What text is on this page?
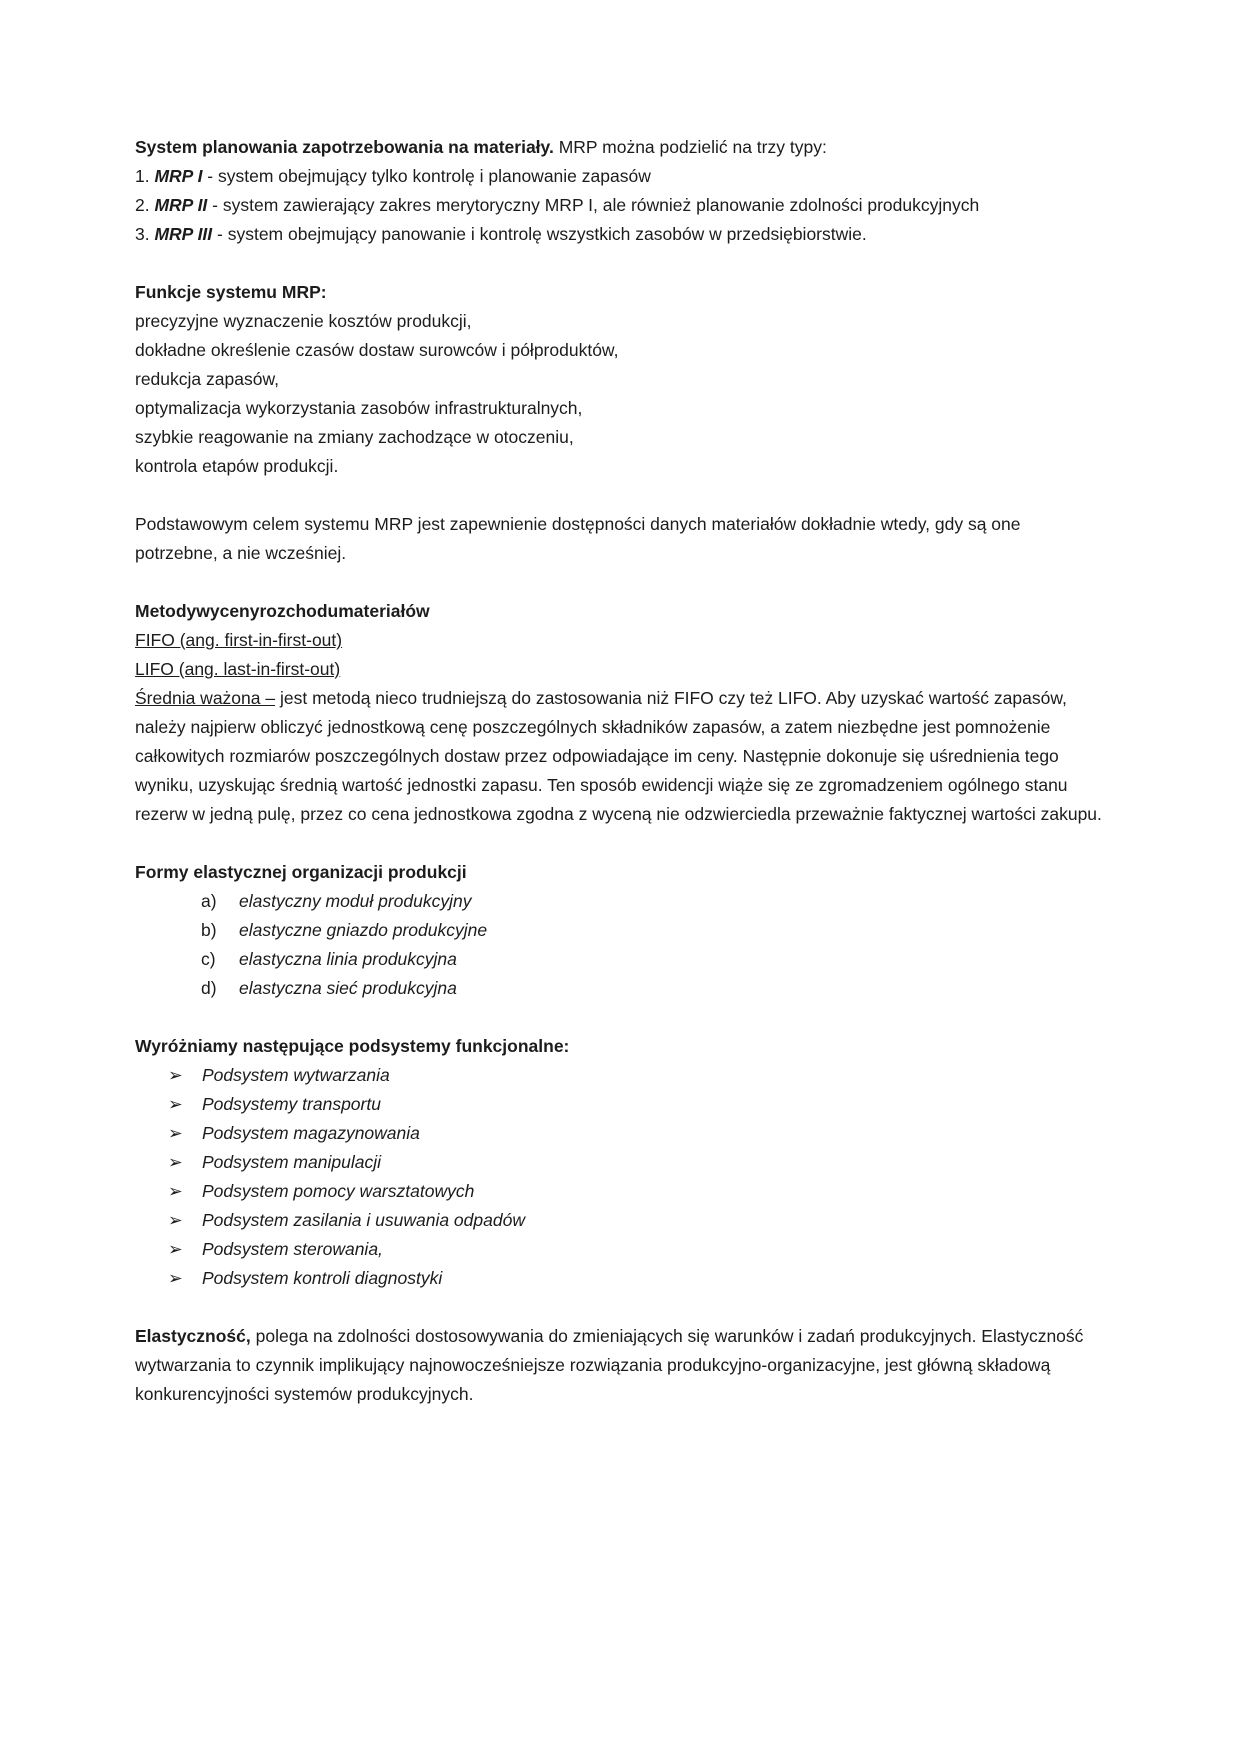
System planowania zapotrzebowania na materiały. MRP można podzielić na trzy typy:

1. MRP I - system obejmujący tylko kontrolę i planowanie zapasów

2. MRP II - system zawierający zakres merytoryczny MRP I, ale również planowanie zdolności produkcyjnych

3. MRP III - system obejmujący panowanie i kontrolę wszystkich zasobów w przedsiębiorstwie.

Funkcje systemu MRP:

precyzyjne wyznaczenie kosztów produkcji,

dokładne określenie czasów dostaw surowców i półproduktów,

redukcja zapasów,

optymalizacja wykorzystania zasobów infrastrukturalnych,

szybkie reagowanie na zmiany zachodzące w otoczeniu,

kontrola etapów produkcji.

Podstawowym celem systemu MRP jest zapewnienie dostępności danych materiałów dokładnie wtedy, gdy są one potrzebne, a nie wcześniej.

Metodywycenyrozchodumateriałów

FIFO (ang. first-in-first-out)

LIFO (ang. last-in-first-out)

Średnia ważona – jest metodą nieco trudniejszą do zastosowania niż FIFO czy też LIFO. Aby uzyskać wartość zapasów, należy najpierw obliczyć jednostkową cenę poszczególnych składników zapasów, a zatem niezbędne jest pomnożenie całkowitych rozmiarów poszczególnych dostaw przez odpowiadające im ceny. Następnie dokonuje się uśrednienia tego wyniku, uzyskując średnią wartość jednostki zapasu. Ten sposób ewidencji wiąże się ze zgromadzeniem ogólnego stanu rezerw w jedną pulę, przez co cena jednostkowa zgodna z wyceną nie odzwierciedla przeważnie faktycznej wartości zakupu.

Formy elastycznej organizacji produkcji

a) elastyczny moduł produkcyjny

b) elastyczne gniazdo produkcyjne

c) elastyczna linia produkcyjna

d) elastyczna sieć produkcyjna

Wyróżniamy następujące podsystemy funkcjonalne:

➢ Podsystem wytwarzania

➢ Podsystemy transportu

➢ Podsystem magazynowania

➢ Podsystem manipulacji

➢ Podsystem pomocy warsztatowych

➢ Podsystem zasilania i usuwania odpadów

➢ Podsystem sterowania,

➢ Podsystem kontroli diagnostyki

Elastyczność, polega na zdolności dostosowywania do zmieniających się warunków i zadań produkcyjnych. Elastyczność wytwarzania to czynnik implikujący najnowocześniejsze rozwiązania produkcyjno-organizacyjne, jest główną składową konkurencyjności systemów produkcyjnych.
